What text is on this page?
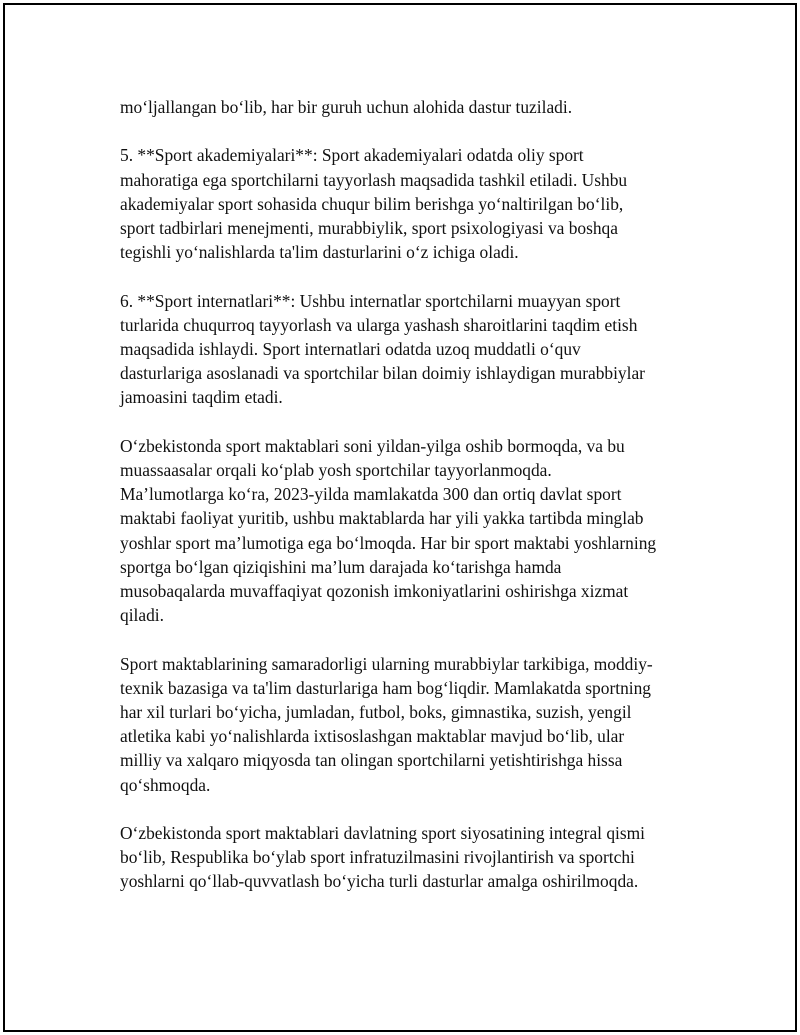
mo‘ljallangan bo‘lib, har bir guruh uchun alohida dastur tuziladi.
5. **Sport akademiyalari**: Sport akademiyalari odatda oliy sport
mahoratiga ega sportchilarni tayyorlash maqsadida tashkil etiladi. Ushbu
akademiyalar sport sohasida chuqur bilim berishga yo‘naltirilgan bo‘lib,
sport tadbirlari menejmenti, murabbiylik, sport psixologiyasi va boshqa
tegishli yo‘nalishlarda ta'lim dasturlarini o‘z ichiga oladi.
6. **Sport internatlari**: Ushbu internatlar sportchilarni muayyan sport
turlarida chuqurroq tayyorlash va ularga yashash sharoitlarini taqdim etish
maqsadida ishlaydi. Sport internatlari odatda uzoq muddatli o‘quv
dasturlariga asoslanadi va sportchilar bilan doimiy ishlaydigan murabbiylar
jamoasini taqdim etadi.
O‘zbekistonda sport maktablari soni yildan-yilga oshib bormoqda, va bu
muassaasalar orqali ko‘plab yosh sportchilar tayyorlanmoqda.
Ma’lumotlarga ko‘ra, 2023-yilda mamlakatda 300 dan ortiq davlat sport
maktabi faoliyat yuritib, ushbu maktablarda har yili yakka tartibda minglab
yoshlar sport ma’lumotiga ega bo‘lmoqda. Har bir sport maktabi yoshlarning
sportga bo‘lgan qiziqishini ma’lum darajada ko‘tarishga hamda
musobaqalarda muvaffaqiyat qozonish imkoniyatlarini oshirishga xizmat
qiladi.
Sport maktablarining samaradorligi ularning murabbiylar tarkibiga, moddiy-
texnik bazasiga va ta'lim dasturlariga ham bog‘liqdir. Mamlakatda sportning
har xil turlari bo‘yicha, jumladan, futbol, boks, gimnastika, suzish, yengil
atletika kabi yo‘nalishlarda ixtisoslashgan maktablar mavjud bo‘lib, ular
milliy va xalqaro miqyosda tan olingan sportchilarni yetishtirishga hissa
qo‘shmoqda.
O‘zbekistonda sport maktablari davlatning sport siyosatining integral qismi
bo‘lib, Respublika bo‘ylab sport infratuzilmasini rivojlantirish va sportchi
yoshlarni qo‘llab-quvvatlash bo‘yicha turli dasturlar amalga oshirilmoqda.
